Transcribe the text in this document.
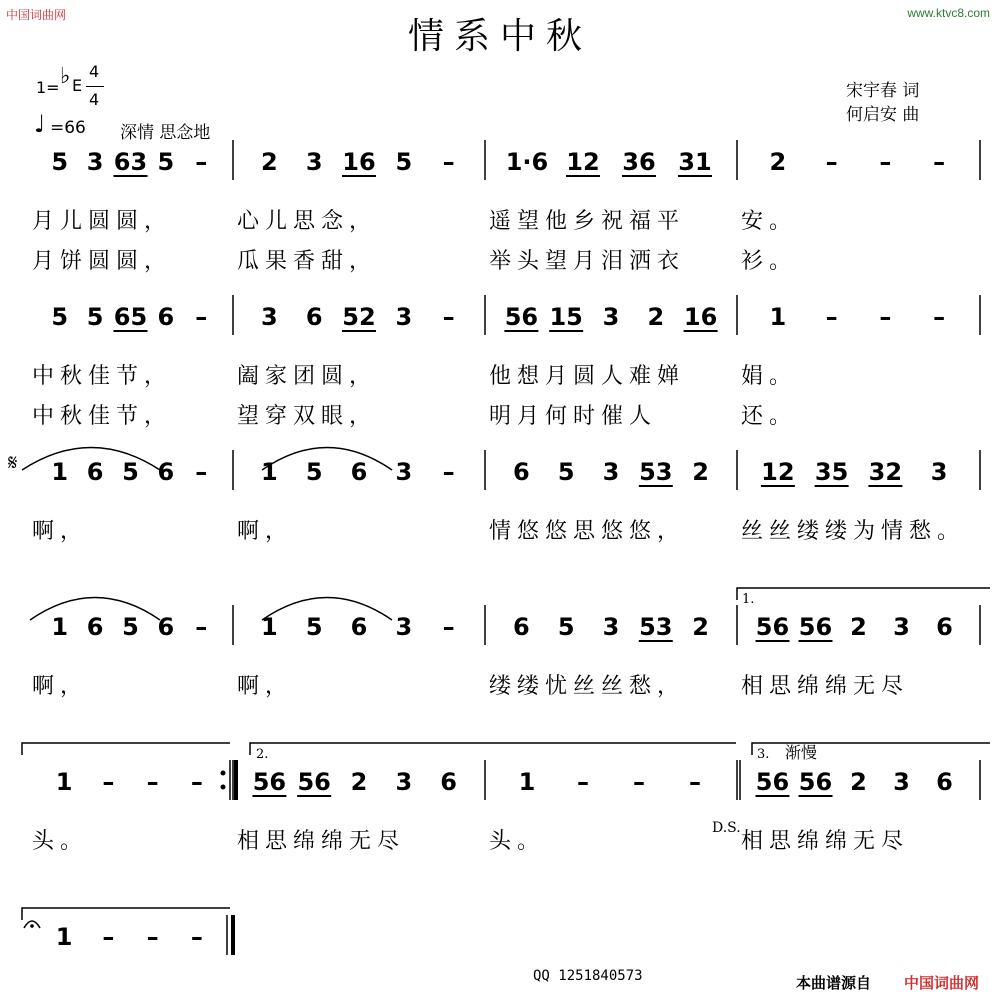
中国词曲网	www.ktvc8.com
情系中秋
宋宇春 词
何启安 曲
1= ♭ E
4
4
♩ =66 深情 思念地
5 3 63 5 – 2 3 16 5 – 1·6 12 36 31 2 – – –
月儿圆圆，	心儿思念，	遥望他乡祝福平	安。
月饼圆圆，	瓜果香甜，	举头望月泪洒衣	衫。
5 5 65 6 – 3 6 52 3 – 56 15 3 2 16 1 – – –
中秋佳节，	阖家团圆，	他想月圆人难婵	娟。
中秋佳节，	望穿双眼，	明月何时催人	还。
1 6 5 6 – 1 5 6 3 – 6 5 3 53 2 12 35 32 3
啊，	啊，	情悠悠思悠悠，	丝丝缕缕为情愁。
1 6 5 6 – 1 5 6 3 – 6 5 3 53 2 56 56 2 3 6
啊，	啊，	缕缕忧丝丝愁，	相思绵绵无尽
1 – – – 56 56 2 3 6	1 – – – 56 56 2 3 6
头。	相思绵绵无尽	头。	相思绵绵无尽
1 – – –
𝄋
1.
2.	3. 渐慢
D.S.
QQ 1251840573	本曲谱源自 中国词曲网
